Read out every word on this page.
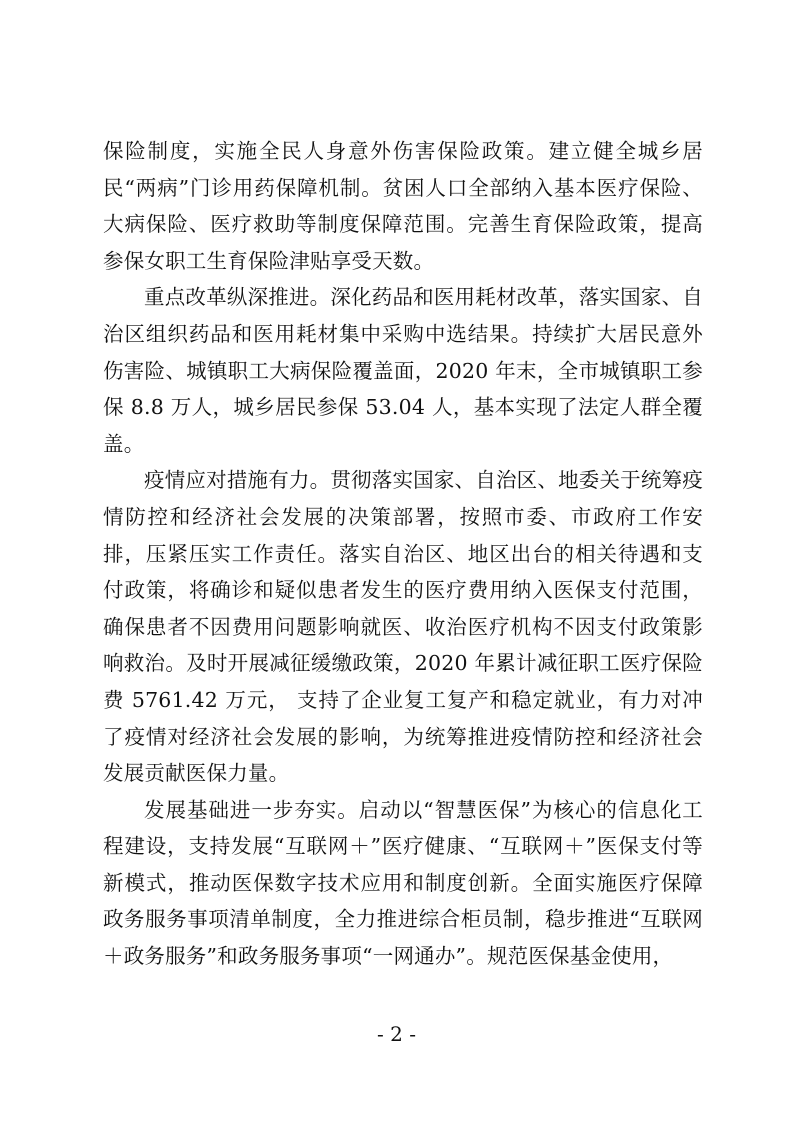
保险制度，实施全民人身意外伤害保险政策。建立健全城乡居民“两病”门诊用药保障机制。贫困人口全部纳入基本医疗保险、大病保险、医疗救助等制度保障范围。完善生育保险政策，提高参保女职工生育保险津贴享受天数。

重点改革纵深推进。深化药品和医用耗材改革，落实国家、自治区组织药品和医用耗材集中采购中选结果。持续扩大居民意外伤害险、城镇职工大病保险覆盖面，2020 年末，全市城镇职工参保 8.8 万人，城乡居民参保 53.04 人，基本实现了法定人群全覆盖。

疫情应对措施有力。贯彻落实国家、自治区、地委关于统筹疫情防控和经济社会发展的决策部署，按照市委、市政府工作安排，压紧压实工作责任。落实自治区、地区出台的相关待遇和支付政策，将确诊和疑似患者发生的医疗费用纳入医保支付范围，确保患者不因费用问题影响就医、收治医疗机构不因支付政策影响救治。及时开展减征缓缴政策，2020 年累计减征职工医疗保险费 5761.42 万元， 支持了企业复工复产和稳定就业，有力对冲了疫情对经济社会发展的影响，为统筹推进疫情防控和经济社会发展贡献医保力量。

发展基础进一步夯实。启动以“智慧医保”为核心的信息化工程建设，支持发展“互联网＋”医疗健康、“互联网＋”医保支付等新模式，推动医保数字技术应用和制度创新。全面实施医疗保障政务服务事项清单制度，全力推进综合柜员制，稳步推进“互联网＋政务服务”和政务服务事项“一网通办”。规范医保基金使用，

- 2 -
